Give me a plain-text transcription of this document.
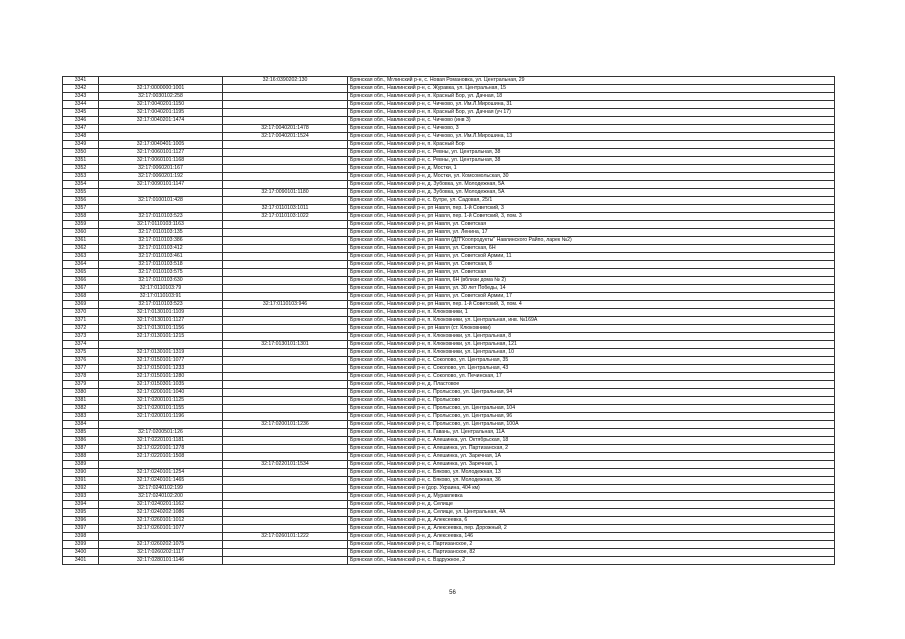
3341		32:16:0390202:130	Брянская обл., Мглинский р-н, с. Новая Романовка, ул. Центральная, 29
3342	32:17:0000000:1001		Брянская обл., Навлинский р-н, с. Журавка, ул. Центральная, 15
3343	32:17:0030102:258		Брянская обл., Навлинский р-н, п. Красный Бор, ул. Дачная, 18
3344	32:17:0040201:1150		Брянская обл., Навлинский р-н, с. Чичково, ул. Им.Л.Мирошина, 31
3345	32:17:0040201:1195		Брянская обл., Навлинский р-н, п. Красный Бор, ул. Дачная (уч 17)
3346	32:17:0040201:1474		Брянская обл., Навлинский р-н, с. Чичково (инв 3)
3347		32:17:0040201:1478	Брянская обл., Навлинский р-н, с. Чичково, 3
3348		32:17:0040201:1524	Брянская обл., Навлинский р-н, с. Чичково, ул. Им.Л.Мирошина, 13
3349	32:17:0040401:1005		Брянская обл., Навлинский р-н, п. Красный Бор
3350	32:17:0060101:1127		Брянская обл., Навлинский р-н, с. Ревны, ул. Центральная, 38
3351	32:17:0060101:1168		Брянская обл., Навлинский р-н, с. Ревны, ул. Центральная, 38
3352	32:17:0060201:167		Брянская обл., Навлинский р-н, д. Мостки, 1
3353	32:17:0060201:192		Брянская обл., Навлинский р-н, д. Мостки, ул. Комсомольская, 30
3354	32:17:0090101:1147		Брянская обл., Навлинский р-н, д. Зубовка, ул. Молодежная, 5А
3355		32:17:0090101:1180	Брянская обл., Навлинский р-н, д. Зубовка, ул. Молодежная, 5А
3356	32:17:0100101:428		Брянская обл., Навлинский р-н, с. Бутре, ул. Садовая, 25/1
3357		32:17:0110103:1011	Брянская обл., Навлинский р-н, рп Навля, пер. 1-й Советский, 3
3358	32:17:0110103:523	32:17:0110103:1022	Брянская обл., Навлинский р-н, рп Навля, пер. 1-й Советский, 3, пом. 3
3359	32:17:0110103:1163		Брянская обл., Навлинский р-н, рп Навля, ул. Советская
3360	32:17:0110103:135		Брянская обл., Навлинский р-н, рп Навля, ул. Ленина, 17
3361	32:17:0110103:386		Брянская обл., Навлинский р-н, рп Навля (ДП"Коопродукты" Навлинского Райпо, ларек №2)
3362	32:17:0110103:412		Брянская обл., Навлинский р-н, рп Навля, ул. Советская, 6Н
3363	32:17:0110103:461		Брянская обл., Навлинский р-н, рп Навля, ул. Советской Армии, 11
3364	32:17:0110103:518		Брянская обл., Навлинский р-н, рп Навля, ул. Советская, 8
3365	32:17:0110103:575		Брянская обл., Навлинский р-н, рп Навля, ул. Советская
3366	32:17:0110103:630		Брянская обл., Навлинский р-н, рп Навля, 6Н (вблизи дома № 2)
3367	32:17:0110103:79		Брянская обл., Навлинский р-н, рп Навля, ул. 30 лет Победы, 14
3368	32:17:0110103:91		Брянская обл., Навлинский р-н, рп Навля, ул. Советской Армии, 17
3369	32:17:0110103:523	32:17:0110103:946	Брянская обл., Навлинский р-н, рп Навля, пер. 1-й Советский, 3, пом. 4
3370	32:17:0130101:1109		Брянская обл., Навлинский р-н, п. Клюковники, 1
3371	32:17:0130101:1127		Брянская обл., Навлинский р-н, п. Клюковники, ул. Центральная, инв. №169А
3372	32:17:0130101:1156		Брянская обл., Навлинский р-н, рп Навля (ст. Клюковники)
3373	32:17:0130101:1215		Брянская обл., Навлинский р-н, п. Клюковники, ул. Центральная, 8
3374		32:17:0130101:1301	Брянская обл., Навлинский р-н, п. Клюковники, ул. Центральная, 121
3375	32:17:0130101:1319		Брянская обл., Навлинский р-н, п. Клюковники, ул. Центральная, 10
3376	32:17:0150101:1077		Брянская обл., Навлинский р-н, с. Соколово, ул. Центральная, 35
3377	32:17:0150101:1233		Брянская обл., Навлинский р-н, с. Соколово, ул. Центральная, 43
3378	32:17:0150101:1280		Брянская обл., Навлинский р-н, с. Соколово, ул. Печинская, 17
3379	32:17:0150301:1035		Брянская обл., Навлинский р-н, д. Пластовое
3380	32:17:0200101:1040		Брянская обл., Навлинский р-н, с. Пролысово, ул. Центральная, 94
3381	32:17:0200101:1125		Брянская обл., Навлинский р-н, с. Пролысово
3382	32:17:0200101:1155		Брянская обл., Навлинский р-н, с. Пролысово, ул. Центральная, 104
3383	32:17:0200101:1196		Брянская обл., Навлинский р-н, с. Пролысово, ул. Центральная, 96
3384		32:17:0200101:1236	Брянская обл., Навлинский р-н, с. Пролысово, ул. Центральная, 100А
3385	32:17:0200501:126		Брянская обл., Навлинский р-н, п. Гавань, ул. Центральная, 11А
3386	32:17:0220101:1181		Брянская обл., Навлинский р-н, с. Алешинка, ул. Октябрьская, 18
3387	32:17:0220101:1278		Брянская обл., Навлинский р-н, с. Алешинка, ул. Партизанская, 2
3388	32:17:0220101:1508		Брянская обл., Навлинский р-н, с. Алешинка, ул. Заречная, 1А
3389		32:17:0220101:1534	Брянская обл., Навлинский р-н, с. Алешинка, ул. Заречная, 1
3390	32:17:0240101:1254		Брянская обл., Навлинский р-н, с. Бяково, ул. Молодежная, 13
3391	32:17:0240101:1465		Брянская обл., Навлинский р-н, с. Бяково, ул. Молодежная, 36
3392	32:17:0240102:199		Брянская обл., Навлинский р-н (дор. Украина, 404 км)
3393	32:17:0240102:200		Брянская обл., Навлинский р-н, д. Муравлевка
3394	32:17:0240201:1162		Брянская обл., Навлинский р-н, д. Селище
3395	32:17:0240202:1086		Брянская обл., Навлинский р-н, д. Селище, ул. Центральная, 4А
3396	32:17:0260101:1012		Брянская обл., Навлинский р-н, д. Алексеевка, 6
3397	32:17:0260101:1077		Брянская обл., Навлинский р-н, д. Алексеевка, пер. Дорожный, 2
3398		32:17:0260101:1222	Брянская обл., Навлинский р-н, д. Алексеевка, 146
3399	32:17:0260202:1075		Брянская обл., Навлинский р-н, с. Партизанское, 2
3400	32:17:0260202:1117		Брянская обл., Навлинский р-н, с. Партизанское, 82
3401	32:17:0280101:1146		Брянская обл., Навлинский р-н, с. Вздружное, 2
56
